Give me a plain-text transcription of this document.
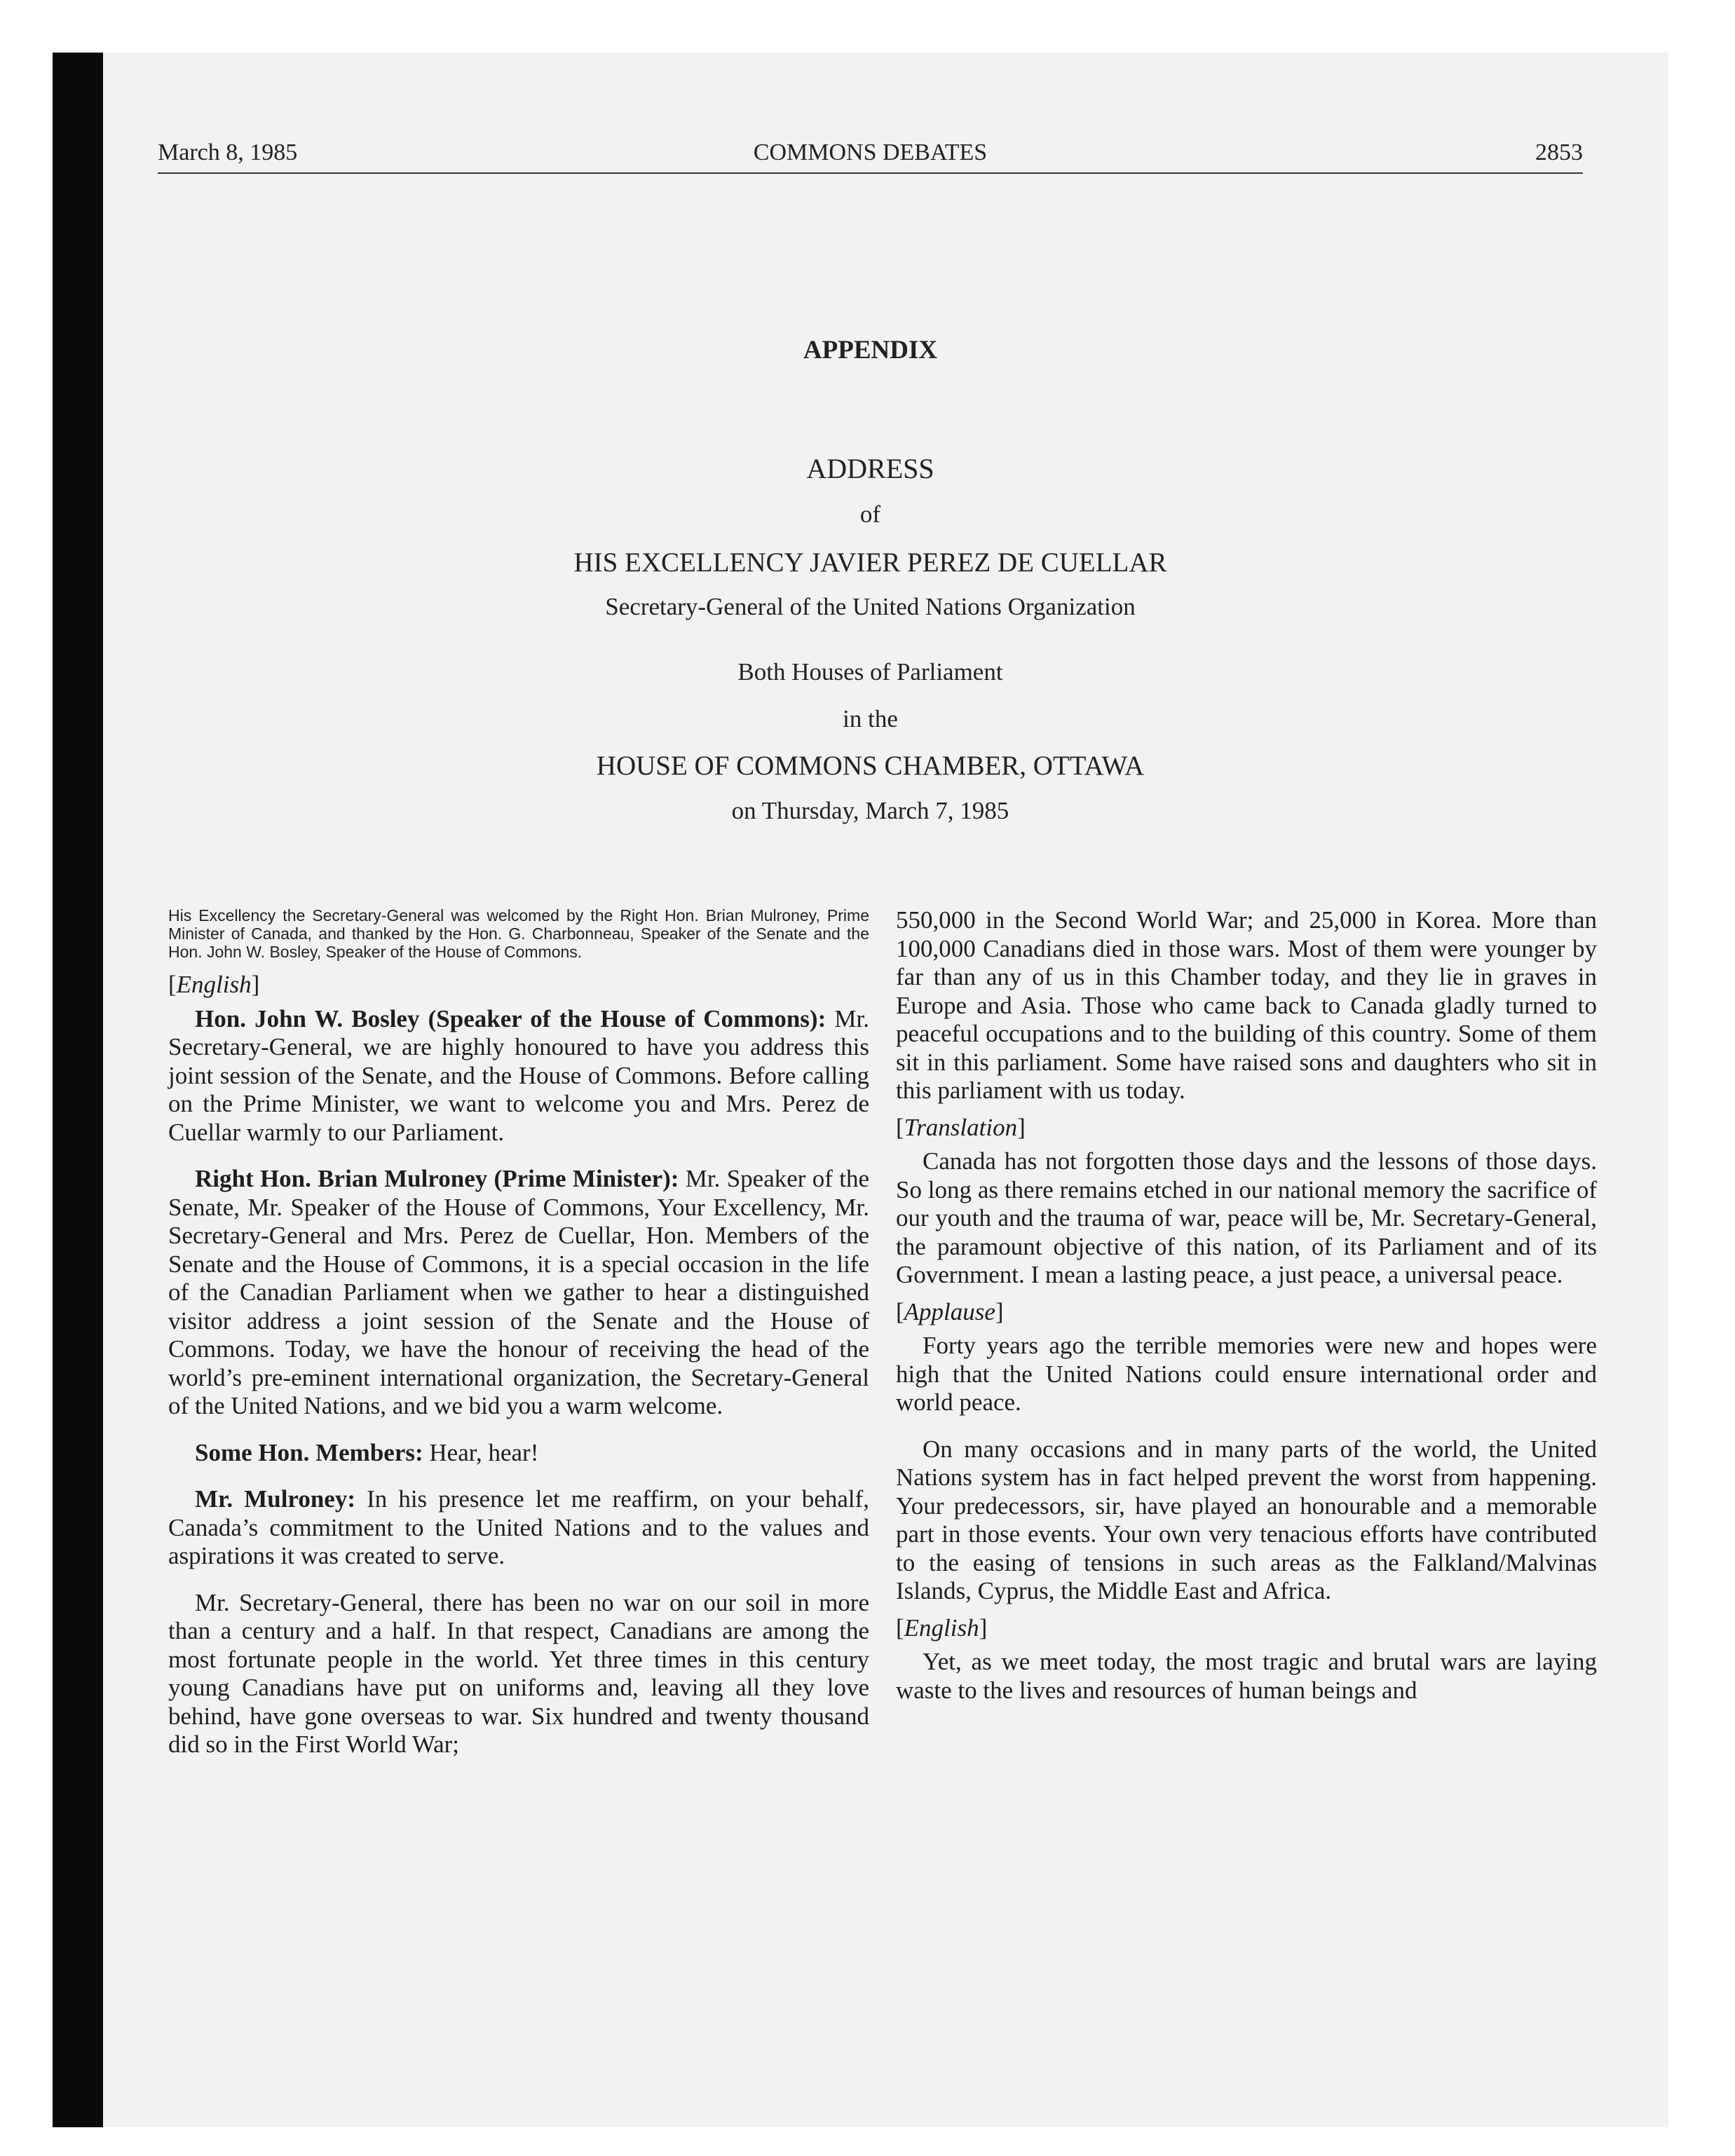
March 8, 1985	COMMONS DEBATES	2853
APPENDIX
ADDRESS
of
HIS EXCELLENCY JAVIER PEREZ DE CUELLAR
Secretary-General of the United Nations Organization
Both Houses of Parliament
in the
HOUSE OF COMMONS CHAMBER, OTTAWA
on Thursday, March 7, 1985

His Excellency the Secretary-General was welcomed by the Right Hon. Brian Mulroney, Prime Minister of Canada, and thanked by the Hon. G. Charbonneau, Speaker of the Senate and the Hon. John W. Bosley, Speaker of the House of Commons.

[English]

Hon. John W. Bosley (Speaker of the House of Commons): Mr. Secretary-General, we are highly honoured to have you address this joint session of the Senate, and the House of Commons. Before calling on the Prime Minister, we want to welcome you and Mrs. Perez de Cuellar warmly to our Parliament.

Right Hon. Brian Mulroney (Prime Minister): Mr. Speaker of the Senate, Mr. Speaker of the House of Commons, Your Excellency, Mr. Secretary-General and Mrs. Perez de Cuellar, Hon. Members of the Senate and the House of Commons, it is a special occasion in the life of the Canadian Parliament when we gather to hear a distinguished visitor address a joint session of the Senate and the House of Commons. Today, we have the honour of receiving the head of the world’s pre-eminent international organization, the Secretary-General of the United Nations, and we bid you a warm welcome.

Some Hon. Members: Hear, hear!

Mr. Mulroney: In his presence let me reaffirm, on your behalf, Canada’s commitment to the United Nations and to the values and aspirations it was created to serve.

Mr. Secretary-General, there has been no war on our soil in more than a century and a half. In that respect, Canadians are among the most fortunate people in the world. Yet three times in this century young Canadians have put on uniforms and, leaving all they love behind, have gone overseas to war. Six hundred and twenty thousand did so in the First World War;

550,000 in the Second World War; and 25,000 in Korea. More than 100,000 Canadians died in those wars. Most of them were younger by far than any of us in this Chamber today, and they lie in graves in Europe and Asia. Those who came back to Canada gladly turned to peaceful occupations and to the building of this country. Some of them sit in this parliament. Some have raised sons and daughters who sit in this parliament with us today.

[Translation]

Canada has not forgotten those days and the lessons of those days. So long as there remains etched in our national memory the sacrifice of our youth and the trauma of war, peace will be, Mr. Secretary-General, the paramount objective of this nation, of its Parliament and of its Government. I mean a lasting peace, a just peace, a universal peace.

[Applause]

Forty years ago the terrible memories were new and hopes were high that the United Nations could ensure international order and world peace.

On many occasions and in many parts of the world, the United Nations system has in fact helped prevent the worst from happening. Your predecessors, sir, have played an honourable and a memorable part in those events. Your own very tenacious efforts have contributed to the easing of tensions in such areas as the Falkland/Malvinas Islands, Cyprus, the Middle East and Africa.

[English]

Yet, as we meet today, the most tragic and brutal wars are laying waste to the lives and resources of human beings and
